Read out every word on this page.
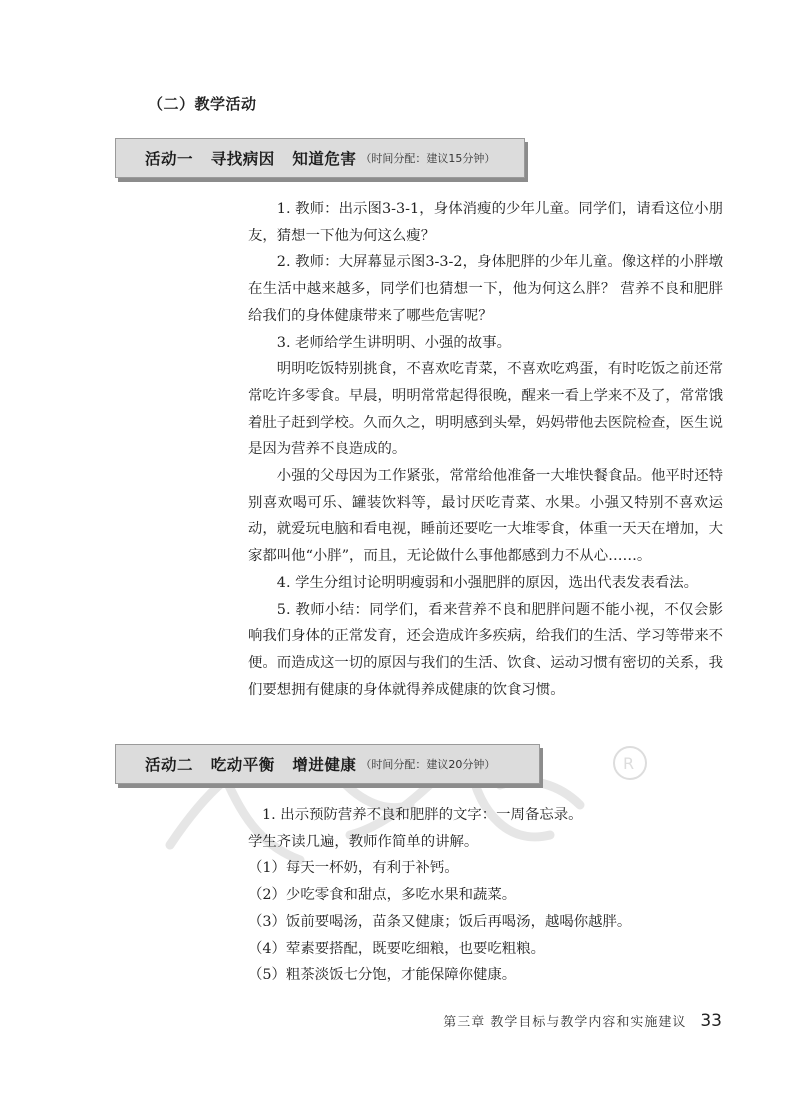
（二）教学活动
活动一   寻找病因   知道危害 （时间分配：建议15分钟）

1. 教师：出示图3-3-1，身体消瘦的少年儿童。同学们，请看这位小朋友，猜想一下他为何这么瘦？

2. 教师：大屏幕显示图3-3-2，身体肥胖的少年儿童。像这样的小胖墩在生活中越来越多，同学们也猜想一下，他为何这么胖？ 营养不良和肥胖给我们的身体健康带来了哪些危害呢？

3. 老师给学生讲明明、小强的故事。

明明吃饭特别挑食，不喜欢吃青菜，不喜欢吃鸡蛋，有时吃饭之前还常常吃许多零食。早晨，明明常常起得很晚，醒来一看上学来不及了，常常饿着肚子赶到学校。久而久之，明明感到头晕，妈妈带他去医院检查，医生说是因为营养不良造成的。

小强的父母因为工作紧张，常常给他准备一大堆快餐食品。他平时还特别喜欢喝可乐、罐装饮料等，最讨厌吃青菜、水果。小强又特别不喜欢运动，就爱玩电脑和看电视，睡前还要吃一大堆零食，体重一天天在增加，大家都叫他“小胖”，而且，无论做什么事他都感到力不从心……。

4. 学生分组讨论明明瘦弱和小强肥胖的原因，选出代表发表看法。

5. 教师小结：同学们，看来营养不良和肥胖问题不能小视，不仅会影响我们身体的正常发育，还会造成许多疾病，给我们的生活、学习等带来不便。而造成这一切的原因与我们的生活、饮食、运动习惯有密切的关系，我们要想拥有健康的身体就得养成健康的饮食习惯。

R
活动二   吃动平衡   增进健康 （时间分配：建议20分钟）

1. 出示预防营养不良和肥胖的文字：一周备忘录。

学生齐读几遍，教师作简单的讲解。

（1）每天一杯奶，有利于补钙。

（2）少吃零食和甜点，多吃水果和蔬菜。

（3）饭前要喝汤，苗条又健康；饭后再喝汤，越喝你越胖。

（4）荤素要搭配，既要吃细粮，也要吃粗粮。

（5）粗茶淡饭七分饱，才能保障你健康。

第三章 教学目标与教学内容和实施建议 33
